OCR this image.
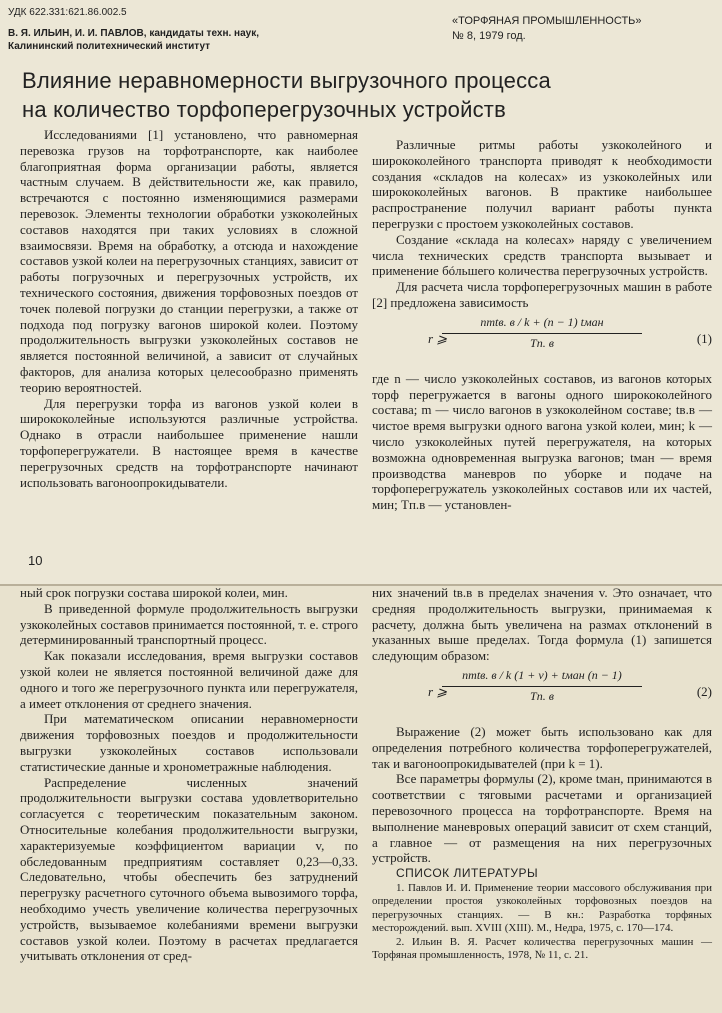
УДК 622.331:621.86.002.5
В. Я. ИЛЬИН, И. И. ПАВЛОВ, кандидаты техн. наук,
Калининский политехнический институт
«ТОРФЯНАЯ ПРОМЫШЛЕННОСТЬ»
№ 8, 1979 год.
Влияние неравномерности выгрузочного процесса
на количество торфоперегрузочных устройств

Исследованиями [1] установлено, что равномерная перевозка грузов на торфотранспорте, как наиболее благоприятная форма организации работы, является частным случаем. В действительности же, как правило, встречаются с постоянно изменяющимися размерами перевозок. Элементы технологии обработки узкоколейных составов находятся при таких условиях в сложной взаимосвязи. Время на обработку, а отсюда и нахождение составов узкой колеи на перегрузочных станциях, зависит от работы погрузочных и перегрузочных устройств, их технического состояния, движения торфовозных поездов от точек полевой погрузки до станции перегрузки, а также от подхода под погрузку вагонов широкой колеи. Поэтому продолжительность выгрузки узкоколейных составов не является постоянной величиной, а зависит от случайных факторов, для анализа которых целесообразно применять теорию вероятностей.

Для перегрузки торфа из вагонов узкой колеи в ширококолейные используются различные устройства. Однако в отрасли наибольшее применение нашли торфоперегружатели. В настоящее время в качестве перегрузочных средств на торфотранспорте начинают использовать вагоноопрокидыватели.

Различные ритмы работы узкоколейного и ширококолейного транспорта приводят к необходимости создания «складов на колесах» из узкоколейных или ширококолейных вагонов. В практике наибольшее распространение получил вариант работы пункта перегрузки с простоем узкоколейных составов.

Создание «склада на колесах» наряду с увеличением числа технических средств транспорта вызывает и применение бóльшего количества перегрузочных устройств.

Для расчета числа торфоперегрузочных машин в работе [2] предложена зависимость

r ⩾
nmtв. в / k + (n − 1) tман
Tп. в	(1)

где n — число узкоколейных составов, из вагонов которых торф перегружается в вагоны одного ширококолейного состава; m — число вагонов в узкоколейном составе; tв.в — чистое время выгрузки одного вагона узкой колеи, мин; k — число узкоколейных путей перегружателя, на которых возможна одновременная выгрузка вагонов; tман — время производства маневров по уборке и подаче на торфоперегружатель узкоколейных составов или их частей, мин; Tп.в — установлен-

10

ный срок погрузки состава широкой колеи, мин.

В приведенной формуле продолжительность выгрузки узкоколейных составов принимается постоянной, т. е. строго детерминированный транспортный процесс.

Как показали исследования, время выгрузки составов узкой колеи не является постоянной величиной даже для одного и того же перегрузочного пункта или перегружателя, а имеет отклонения от среднего значения.

При математическом описании неравномерности движения торфовозных поездов и продолжительности выгрузки узкоколейных составов использовали статистические данные и хронометражные наблюдения.

Распределение численных значений продолжительности выгрузки состава удовлетворительно согласуется с теоретическим показательным законом. Относительные колебания продолжительности выгрузки, характеризуемые коэффициентом вариации v, по обследованным предприятиям составляет 0,23—0,33. Следовательно, чтобы обеспечить без затруднений перегрузку расчетного суточного объема вывозимого торфа, необходимо учесть увеличение количества перегрузочных устройств, вызываемое колебаниями времени выгрузки составов узкой колеи. Поэтому в расчетах предлагается учитывать отклонения от сред-

них значений tв.в в пределах значения v. Это означает, что средняя продолжительность выгрузки, принимаемая к расчету, должна быть увеличена на размах отклонений в указанных выше пределах. Тогда формула (1) запишется следующим образом:

r ⩾
nmtв. в / k (1 + v) + tман (n − 1)
Tп. в	(2)

Выражение (2) может быть использовано как для определения потребного количества торфоперегружателей, так и вагоноопрокидывателей (при k = 1).

Все параметры формулы (2), кроме tман, принимаются в соответствии с тяговыми расчетами и организацией перевозочного процесса на торфотранспорте. Время на выполнение маневровых операций зависит от схем станций, а главное — от размещения на них перегрузочных устройств.

СПИСОК ЛИТЕРАТУРЫ

1. Павлов И. И. Применение теории массового обслуживания при определении простоя узкоколейных торфовозных поездов на перегрузочных станциях. — В кн.: Разработка торфяных месторождений. вып. XVIII (XIII). М., Недра, 1975, с. 170—174.

2. Ильин В. Я. Расчет количества перегрузочных машин — Торфяная промышленность, 1978, № 11, с. 21.
